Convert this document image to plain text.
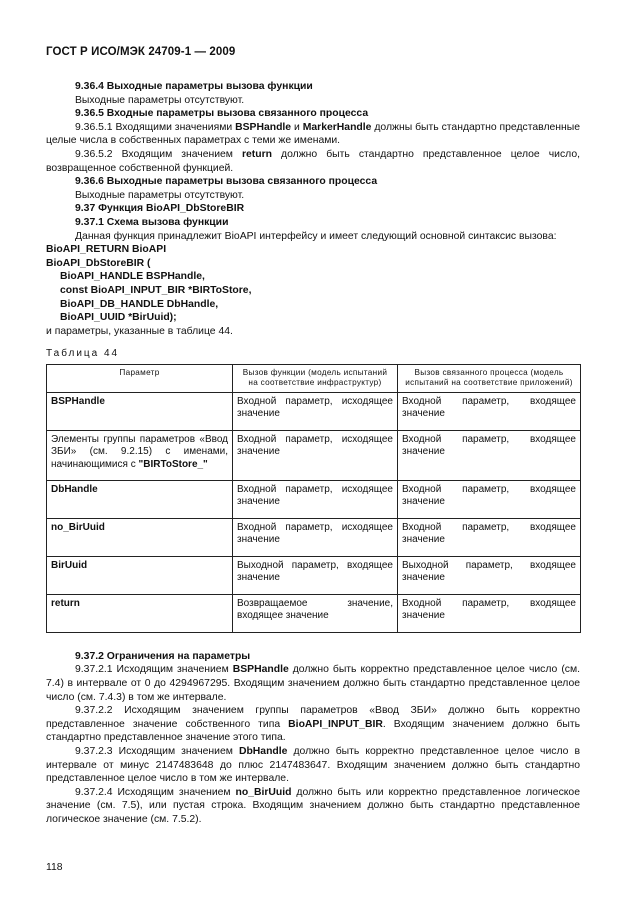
ГОСТ Р ИСО/МЭК 24709-1 — 2009

9.36.4 Выходные параметры вызова функции

Выходные параметры отсутствуют.

9.36.5 Входные параметры вызова связанного процесса

9.36.5.1 Входящими значениями BSPHandle и MarkerHandle должны быть стандартно представленные целые числа в собственных параметрах с теми же именами.

9.36.5.2 Входящим значением return должно быть стандартно представленное целое число, возвращенное собственной функцией.

9.36.6 Выходные параметры вызова связанного процесса

Выходные параметры отсутствуют.

9.37 Функция BioAPI_DbStoreBIR

9.37.1 Схема вызова функции

Данная функция принадлежит BioAPI интерфейсу и имеет следующий основной синтаксис вызова:

BioAPI_RETURN BioAPI

BioAPI_DbStoreBIR (

BioAPI_HANDLE BSPHandle,

const BioAPI_INPUT_BIR *BIRToStore,

BioAPI_DB_HANDLE DbHandle,

BioAPI_UUID *BirUuid);

и параметры, указанные в таблице 44.

Таблица 44
Параметр	Вызов функции (модель испытаний на соответствие инфраструктур)	Вызов связанного процесса (модель испытаний на соответствие приложений)
BSPHandle	Входной параметр, исходящее значение	Входной параметр, входящее значение
Элементы группы параметров «Ввод ЗБИ» (см. 9.2.15) с именами, начинающимися с "BIRToStore_"	Входной параметр, исходящее значение	Входной параметр, входящее значение
DbHandle	Входной параметр, исходящее значение	Входной параметр, входящее значение
no_BirUuid	Входной параметр, исходящее значение	Входной параметр, входящее значение
BirUuid	Выходной параметр, входящее значение	Выходной параметр, входящее значение
return	Возвращаемое значение, входящее значение	Входной параметр, входящее значение

9.37.2 Ограничения на параметры

9.37.2.1 Исходящим значением BSPHandle должно быть корректно представленное целое число (см. 7.4) в интервале от 0 до 4294967295. Входящим значением должно быть стандартно представленное целое число (см. 7.4.3) в том же интервале.

9.37.2.2 Исходящим значением группы параметров «Ввод ЗБИ» должно быть корректно представленное значение собственного типа BioAPI_INPUT_BIR. Входящим значением должно быть стандартно представленное значение этого типа.

9.37.2.3 Исходящим значением DbHandle должно быть корректно представленное целое число в интервале от минус 2147483648 до плюс 2147483647. Входящим значением должно быть стандартно представленное целое число в том же интервале.

9.37.2.4 Исходящим значением no_BirUuid должно быть или корректно представленное логическое значение (см. 7.5), или пустая строка. Входящим значением должно быть стандартно представленное логическое значение (см. 7.5.2).

118
